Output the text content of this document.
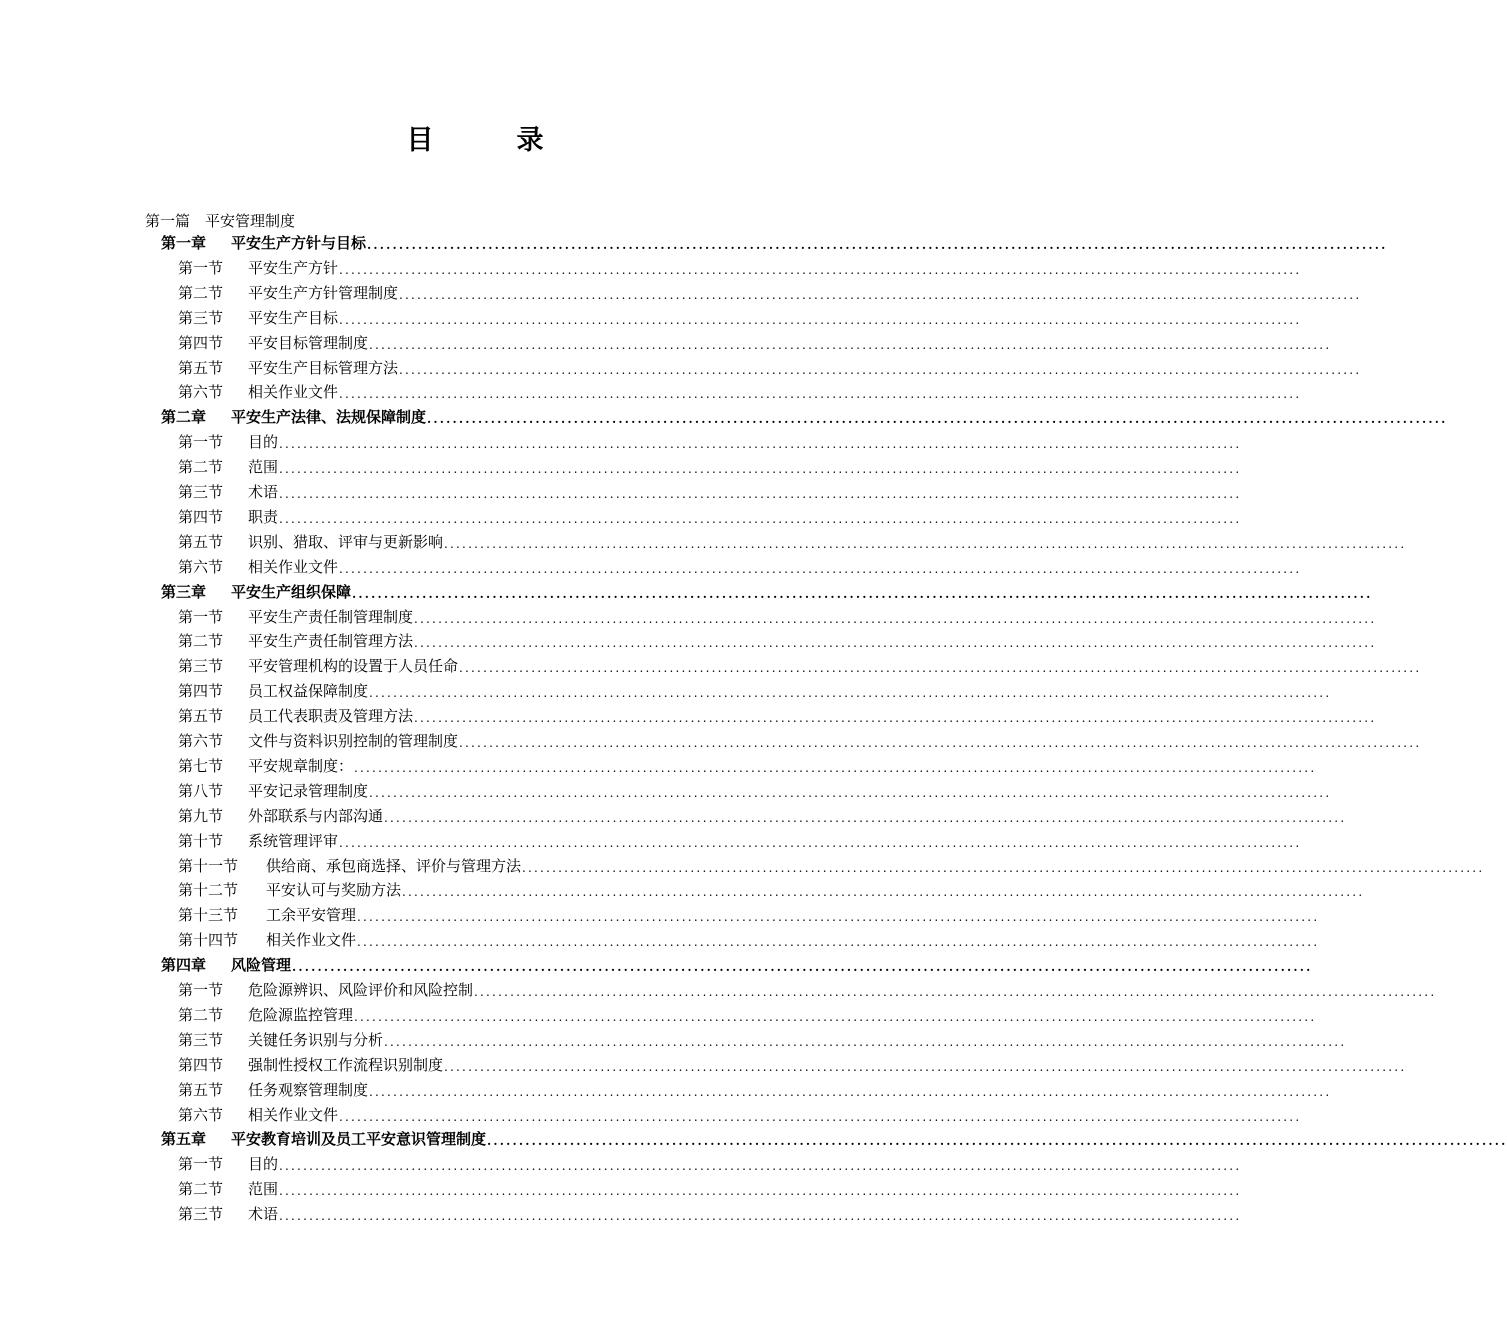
目　录
第一篇　平安管理制度
第一章	平安生产方针与目标 ................................................................................................................................................................
第一节	平安生产方针 ................................................................................................................................................................
第二节	平安生产方针管理制度 ................................................................................................................................................................
第三节	平安生产目标 ................................................................................................................................................................
第四节	平安目标管理制度 ................................................................................................................................................................
第五节	平安生产目标管理方法 ................................................................................................................................................................
第六节	相关作业文件 ................................................................................................................................................................
第二章	平安生产法律、法规保障制度 ................................................................................................................................................................
第一节	目的 ................................................................................................................................................................
第二节	范围 ................................................................................................................................................................
第三节	术语 ................................................................................................................................................................
第四节	职责 ................................................................................................................................................................
第五节	识别、猎取、评审与更新影响 ................................................................................................................................................................
第六节	相关作业文件 ................................................................................................................................................................
第三章	平安生产组织保障 ................................................................................................................................................................
第一节	平安生产责任制管理制度 ................................................................................................................................................................
第二节	平安生产责任制管理方法 ................................................................................................................................................................
第三节	平安管理机构的设置于人员任命 ................................................................................................................................................................
第四节	员工权益保障制度 ................................................................................................................................................................
第五节	员工代表职责及管理方法 ................................................................................................................................................................
第六节	文件与资料识别控制的管理制度 ................................................................................................................................................................
第七节	平安规章制度： ................................................................................................................................................................
第八节	平安记录管理制度 ................................................................................................................................................................
第九节	外部联系与内部沟通 ................................................................................................................................................................
第十节	系统管理评审 ................................................................................................................................................................
第十一节	供给商、承包商选择、评价与管理方法 ................................................................................................................................................................
第十二节	平安认可与奖励方法 ................................................................................................................................................................
第十三节	工余平安管理 ................................................................................................................................................................
第十四节	相关作业文件 ................................................................................................................................................................
第四章	风险管理 ................................................................................................................................................................
第一节	危险源辨识、风险评价和风险控制 ................................................................................................................................................................
第二节	危险源监控管理 ................................................................................................................................................................
第三节	关键任务识别与分析 ................................................................................................................................................................
第四节	强制性授权工作流程识别制度 ................................................................................................................................................................
第五节	任务观察管理制度 ................................................................................................................................................................
第六节	相关作业文件 ................................................................................................................................................................
第五章	平安教育培训及员工平安意识管理制度 ................................................................................................................................................................
第一节	目的 ................................................................................................................................................................
第二节	范围 ................................................................................................................................................................
第三节	术语 ................................................................................................................................................................
